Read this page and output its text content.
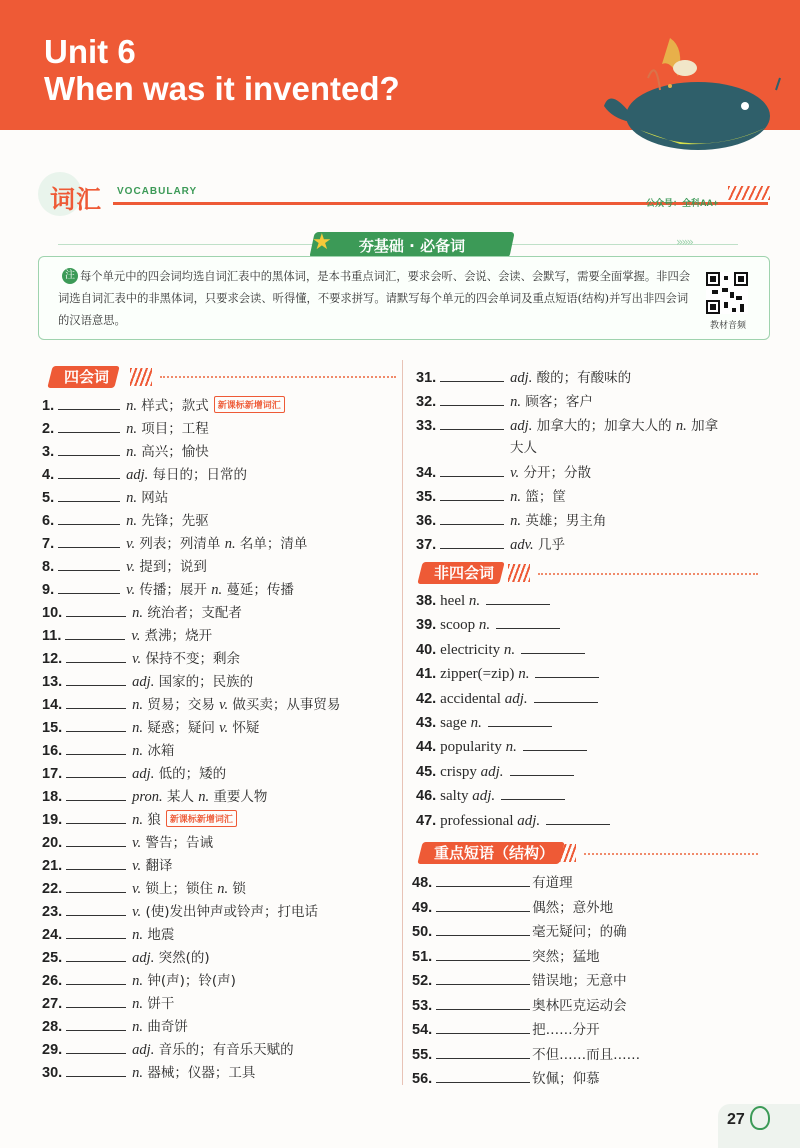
Unit 6
When was it invented?
词汇 VOCABULARY
公众号：全科AA+
★	夯基础 · 必备词	»»»
注 每个单元中的四会词均选自词汇表中的黑体词，是本书重点词汇，要求会听、会说、会读、会默写，需要全面掌握。非四会词选自词汇表中的非黑体词，只要求会读、听得懂，不要求拼写。请默写每个单元的四会单词及重点短语(结构)并写出非四会词的汉语意思。	教材音频
四会词
1.	n. 样式；款式 新课标新增词汇
2.	n. 项目；工程
3.	n. 高兴；愉快
4.	adj. 每日的；日常的
5.	n. 网站
6.	n. 先锋；先驱
7.	v. 列表；列清单 n. 名单；清单
8.	v. 提到；说到
9.	v. 传播；展开 n. 蔓延；传播
10.	n. 统治者；支配者
11.	v. 煮沸；烧开
12.	v. 保持不变；剩余
13.	adj. 国家的；民族的
14.	n. 贸易；交易 v. 做买卖；从事贸易
15.	n. 疑惑；疑问 v. 怀疑
16.	n. 冰箱
17.	adj. 低的；矮的
18.	pron. 某人 n. 重要人物
19.	n. 狼 新课标新增词汇
20.	v. 警告；告诫
21.	v. 翻译
22.	v. 锁上；锁住 n. 锁
23.	v. (使)发出钟声或铃声；打电话
24.	n. 地震
25.	adj. 突然(的)
26.	n. 钟(声)；铃(声)
27.	n. 饼干
28.	n. 曲奇饼
29.	adj. 音乐的；有音乐天赋的
30.	n. 器械；仪器；工具
31.	adj. 酸的；有酸味的
32.	n. 顾客；客户
33.	adj. 加拿大的；加拿大人的 n. 加拿
大人
34.	v. 分开；分散
35.	n. 篮；筐
36.	n. 英雄；男主角
37.	adv. 几乎
非四会词
38. heel n.
39. scoop n.
40. electricity n.
41. zipper(=zip) n.
42. accidental adj.
43. sage n.
44. popularity n.
45. crispy adj.
46. salty adj.
47. professional adj.
重点短语（结构）
48.	有道理
49.	偶然；意外地
50.	毫无疑问；的确
51.	突然；猛地
52.	错误地；无意中
53.	奥林匹克运动会
54.	把……分开
55.	不但……而且……
56.	钦佩；仰慕
27
